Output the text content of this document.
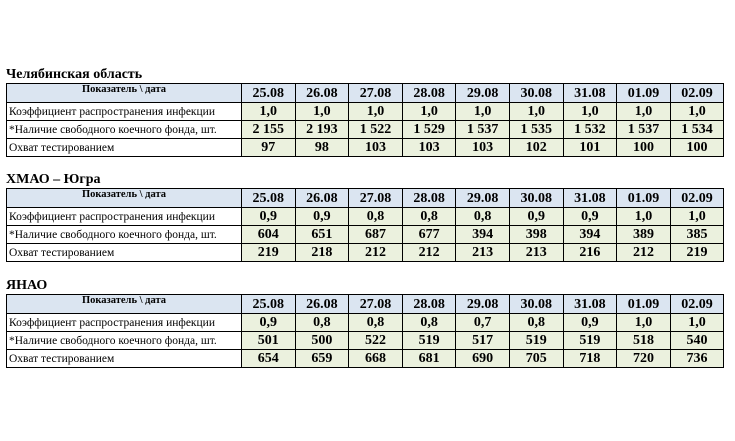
Челябинская область
Показатель \ дата	25.08	26.08	27.08	28.08	29.08	30.08	31.08	01.09	02.09
Коэффициент распространения инфекции	1,0	1,0	1,0	1,0	1,0	1,0	1,0	1,0	1,0
*Наличие свободного коечного фонда, шт.	2 155	2 193	1 522	1 529	1 537	1 535	1 532	1 537	1 534
Охват тестированием	97	98	103	103	103	102	101	100	100
ХМАО – Югра
Показатель \ дата	25.08	26.08	27.08	28.08	29.08	30.08	31.08	01.09	02.09
Коэффициент распространения инфекции	0,9	0,9	0,8	0,8	0,8	0,9	0,9	1,0	1,0
*Наличие свободного коечного фонда, шт.	604	651	687	677	394	398	394	389	385
Охват тестированием	219	218	212	212	213	213	216	212	219
ЯНАО
Показатель \ дата	25.08	26.08	27.08	28.08	29.08	30.08	31.08	01.09	02.09
Коэффициент распространения инфекции	0,9	0,8	0,8	0,8	0,7	0,8	0,9	1,0	1,0
*Наличие свободного коечного фонда, шт.	501	500	522	519	517	519	519	518	540
Охват тестированием	654	659	668	681	690	705	718	720	736
